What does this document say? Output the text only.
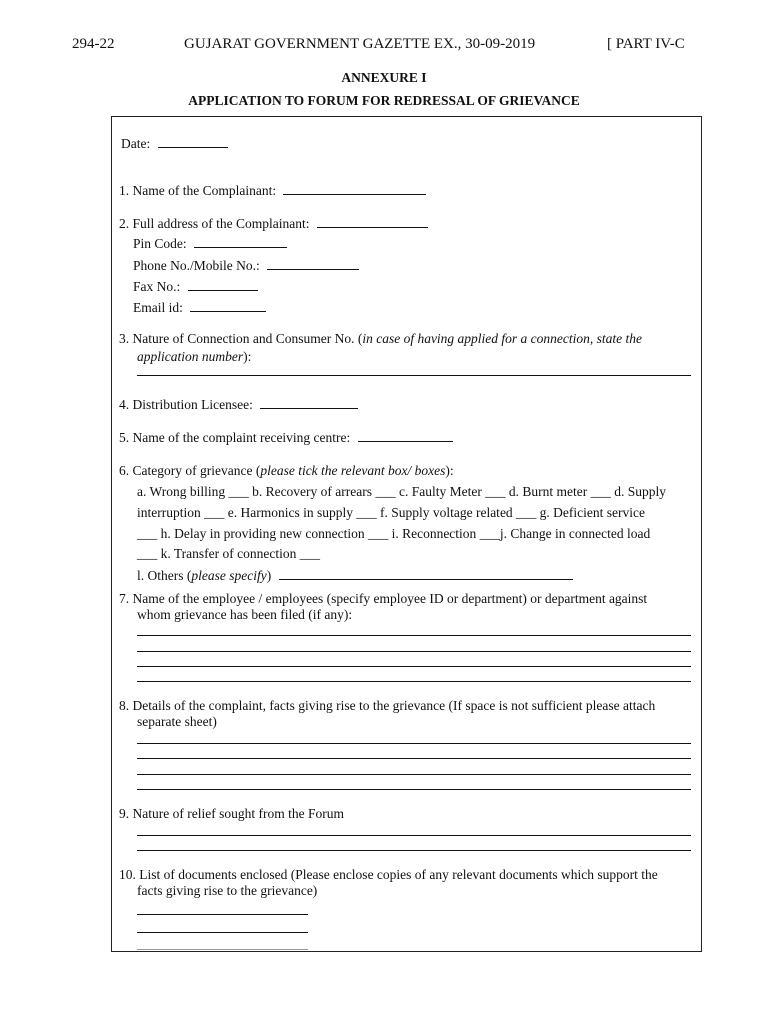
294-22	GUJARAT GOVERNMENT GAZETTE EX., 30-09-2019	[ PART IV-C
ANNEXURE I
APPLICATION TO FORUM FOR REDRESSAL OF GRIEVANCE
Date:
1. Name of the Complainant:
2. Full address of the Complainant:
Pin Code:
Phone No./Mobile No.:
Fax No.:
Email id:
3. Nature of Connection and Consumer No. (in case of having applied for a connection, state the
application number):
4. Distribution Licensee:
5. Name of the complaint receiving centre:
6. Category of grievance (please tick the relevant box/ boxes):
a. Wrong billing ___ b. Recovery of arrears ___ c. Faulty Meter ___ d. Burnt meter ___ d. Supply
interruption ___ e. Harmonics in supply ___ f. Supply voltage related ___ g. Deficient service
___ h. Delay in providing new connection ___ i. Reconnection ___j. Change in connected load
___ k. Transfer of connection ___
l. Others (please specify)
7. Name of the employee / employees (specify employee ID or department) or department against
whom grievance has been filed (if any):
8. Details of the complaint, facts giving rise to the grievance (If space is not sufficient please attach
separate sheet)
9. Nature of relief sought from the Forum
10. List of documents enclosed (Please enclose copies of any relevant documents which support the
facts giving rise to the grievance)
